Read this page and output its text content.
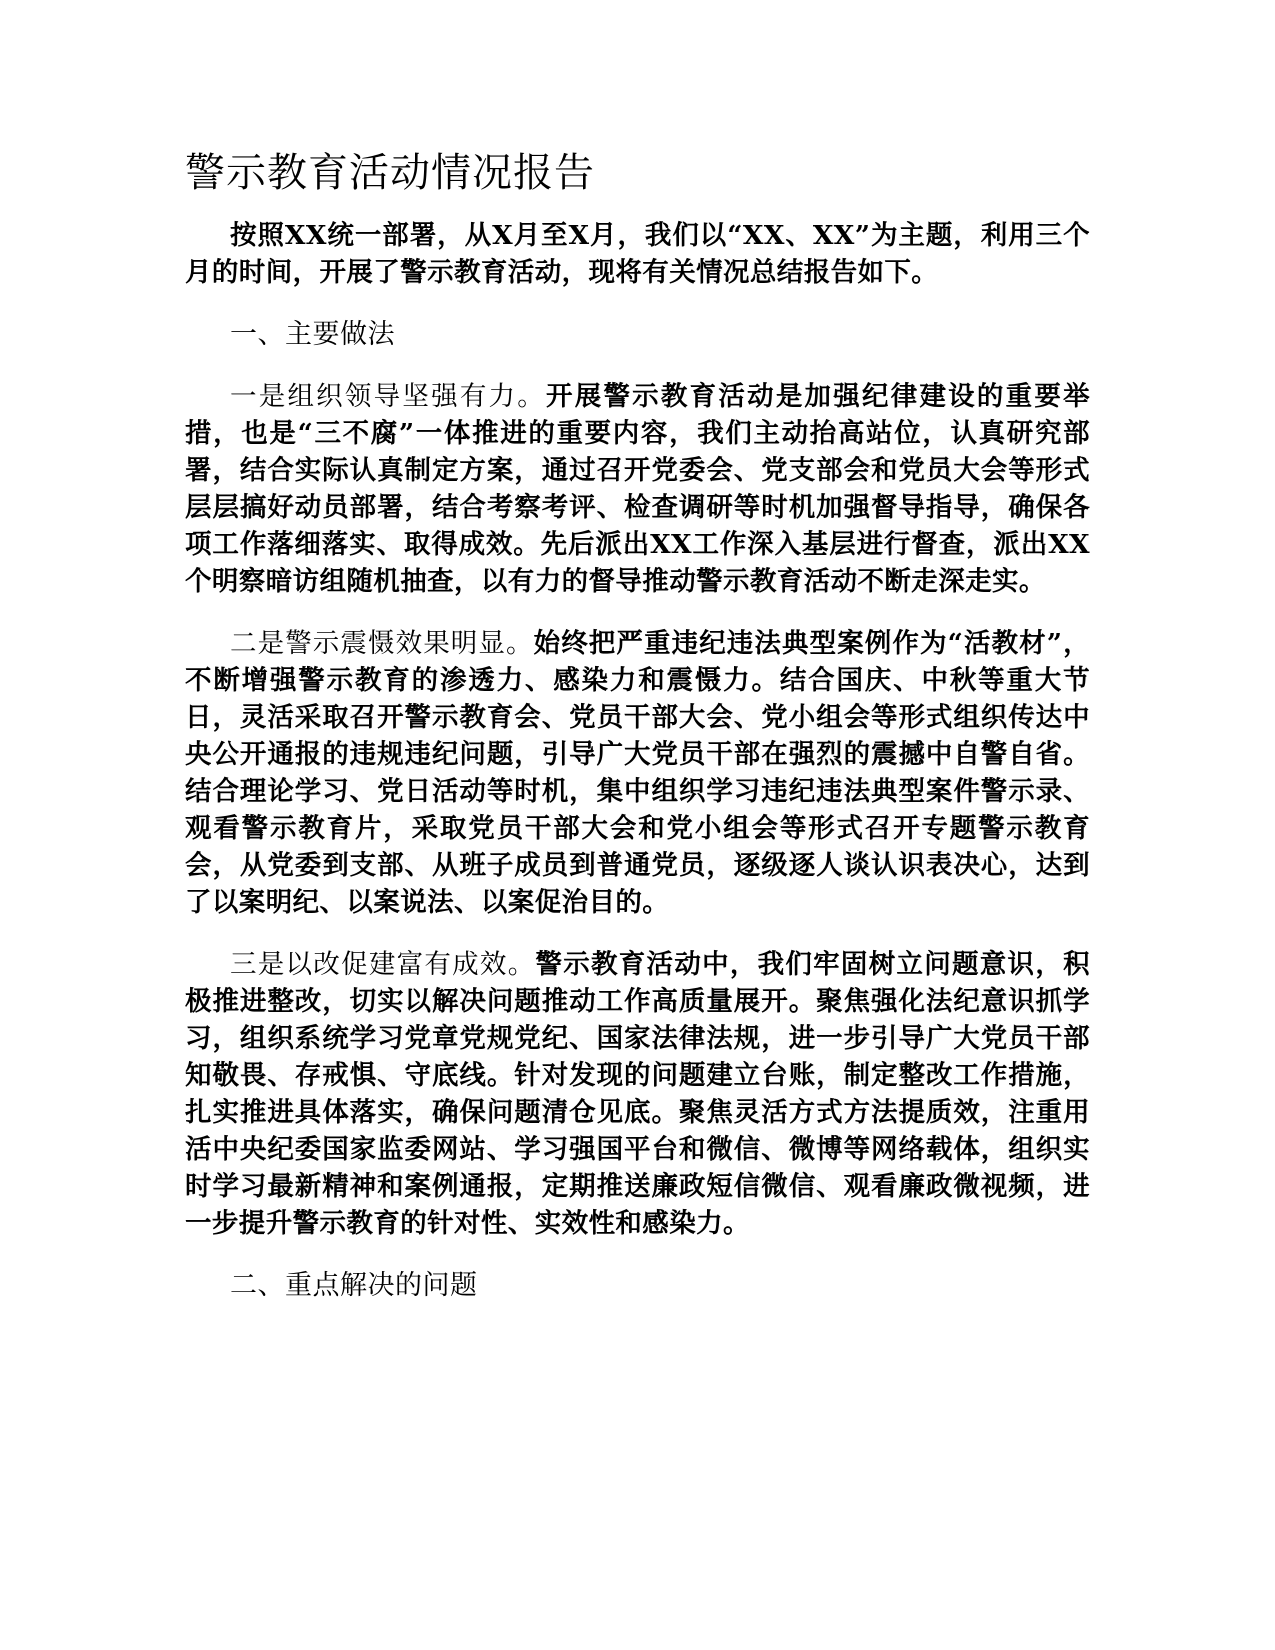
警示教育活动情况报告

按照XX统一部署，从X月至X月，我们以“XX、XX”为主题，利用三个月的时间，开展了警示教育活动，现将有关情况总结报告如下。

一、主要做法

一是组织领导坚强有力。开展警示教育活动是加强纪律建设的重要举措，也是“三不腐”一体推进的重要内容，我们主动抬高站位，认真研究部署，结合实际认真制定方案，通过召开党委会、党支部会和党员大会等形式层层搞好动员部署，结合考察考评、检查调研等时机加强督导指导，确保各项工作落细落实、取得成效。先后派出XX工作深入基层进行督查，派出XX个明察暗访组随机抽查，以有力的督导推动警示教育活动不断走深走实。

二是警示震慑效果明显。始终把严重违纪违法典型案例作为“活教材”，不断增强警示教育的渗透力、感染力和震慑力。结合国庆、中秋等重大节日，灵活采取召开警示教育会、党员干部大会、党小组会等形式组织传达中央公开通报的违规违纪问题，引导广大党员干部在强烈的震撼中自警自省。结合理论学习、党日活动等时机，集中组织学习违纪违法典型案件警示录、观看警示教育片，采取党员干部大会和党小组会等形式召开专题警示教育会，从党委到支部、从班子成员到普通党员，逐级逐人谈认识表决心，达到了以案明纪、以案说法、以案促治目的。

三是以改促建富有成效。警示教育活动中，我们牢固树立问题意识，积极推进整改，切实以解决问题推动工作高质量展开。聚焦强化法纪意识抓学习，组织系统学习党章党规党纪、国家法律法规，进一步引导广大党员干部知敬畏、存戒惧、守底线。针对发现的问题建立台账，制定整改工作措施，扎实推进具体落实，确保问题清仓见底。聚焦灵活方式方法提质效，注重用活中央纪委国家监委网站、学习强国平台和微信、微博等网络载体，组织实时学习最新精神和案例通报，定期推送廉政短信微信、观看廉政微视频，进一步提升警示教育的针对性、实效性和感染力。

二、重点解决的问题
